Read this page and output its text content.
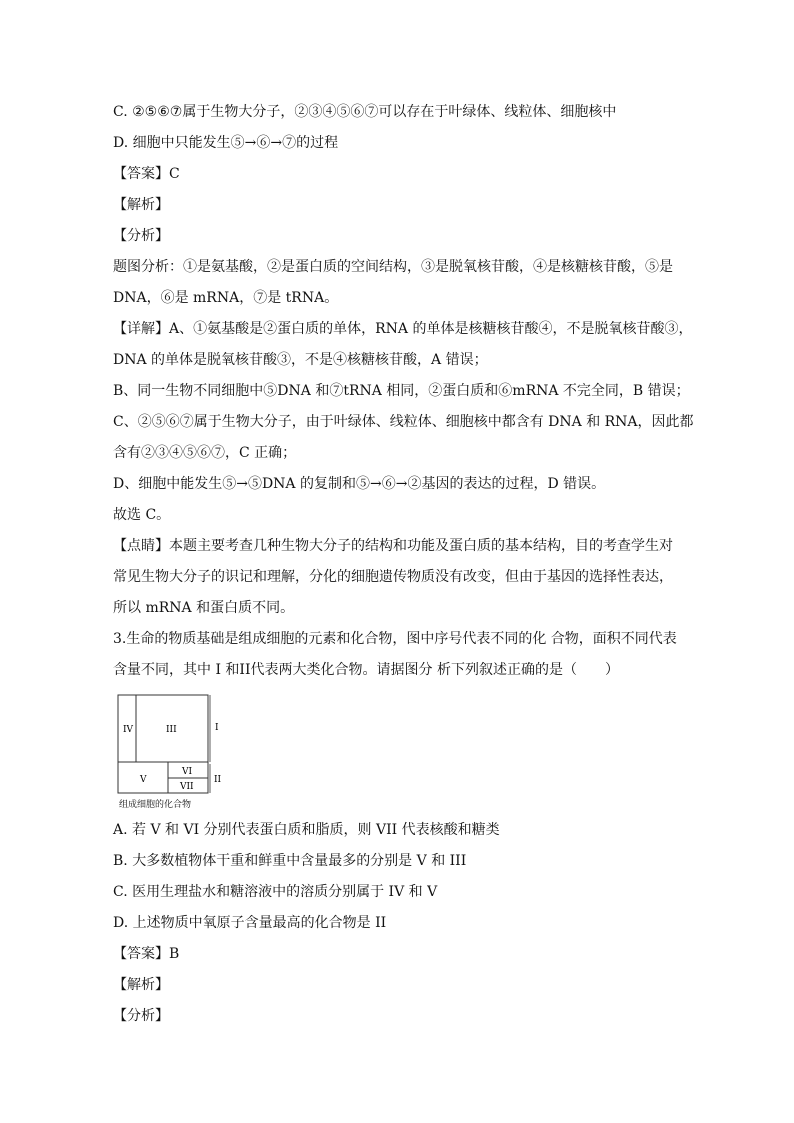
C. ②⑤⑥⑦属于生物大分子，②③④⑤⑥⑦可以存在于叶绿体、线粒体、细胞核中
D. 细胞中只能发生⑤→⑥→⑦的过程
【答案】C
【解析】
【分析】
题图分析：①是氨基酸，②是蛋白质的空间结构，③是脱氧核苷酸，④是核糖核苷酸，⑤是
DNA，⑥是 mRNA，⑦是 tRNA。
【详解】A、①氨基酸是②蛋白质的单体，RNA 的单体是核糖核苷酸④，不是脱氧核苷酸③，
DNA 的单体是脱氧核苷酸③，不是④核糖核苷酸，A 错误；
B、同一生物不同细胞中⑤DNA 和⑦tRNA 相同，②蛋白质和⑥mRNA 不完全同，B 错误；
C、②⑤⑥⑦属于生物大分子，由于叶绿体、线粒体、细胞核中都含有 DNA 和 RNA，因此都
含有②③④⑤⑥⑦，C 正确；
D、细胞中能发生⑤→⑤DNA 的复制和⑤→⑥→②基因的表达的过程，D 错误。
故选 C。
【点睛】本题主要考查几种生物大分子的结构和功能及蛋白质的基本结构，目的考查学生对
常见生物大分子的识记和理解，分化的细胞遗传物质没有改变，但由于基因的选择性表达，
所以 mRNA 和蛋白质不同。
3.生命的物质基础是组成细胞的元素和化合物，图中序号代表不同的化 合物，面积不同代表
含量不同，其中 I 和II代表两大类化合物。请据图分 析下列叙述正确的是（　　）
IV	III	I
V
VI
VII
II
组成细胞的化合物
A. 若 V 和 VI 分别代表蛋白质和脂质，则 VII 代表核酸和糖类
B. 大多数植物体干重和鲜重中含量最多的分别是 V 和 III
C. 医用生理盐水和糖溶液中的溶质分别属于 IV 和 V
D. 上述物质中氧原子含量最高的化合物是 II
【答案】B
【解析】
【分析】
